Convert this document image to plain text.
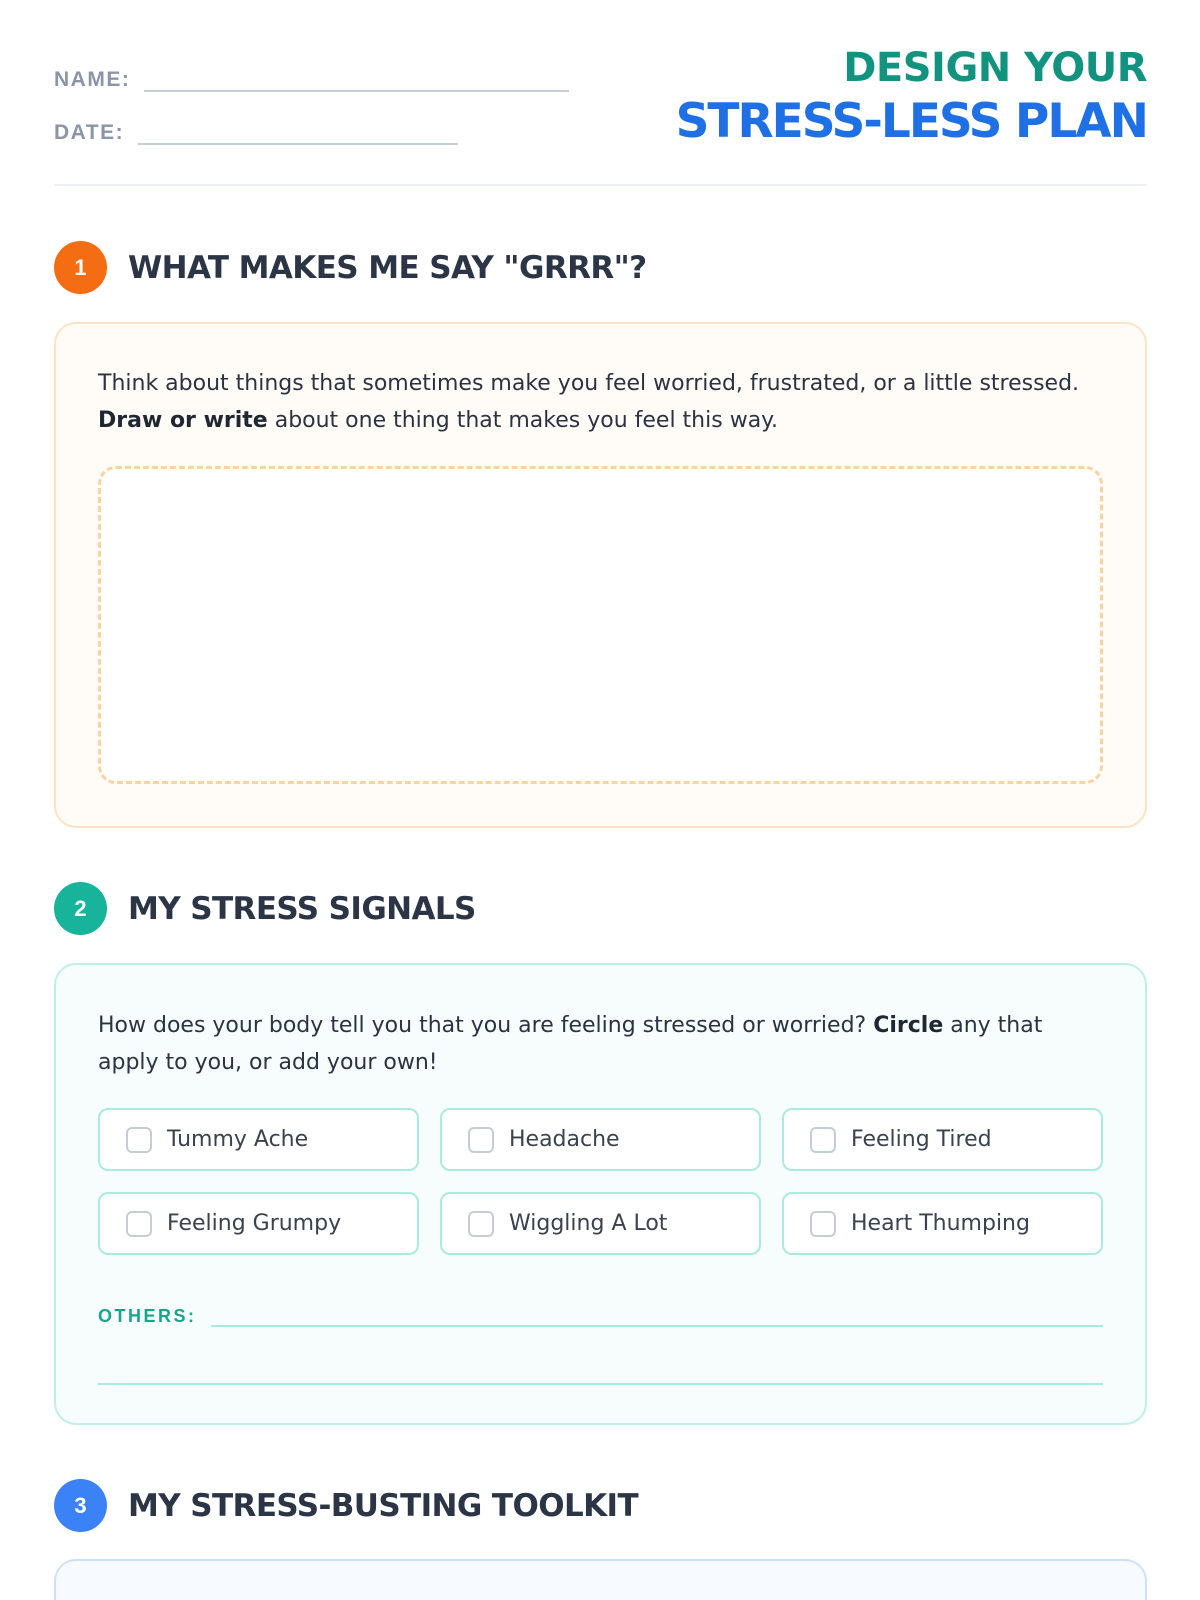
NAME:
DATE:
DESIGN YOUR
STRESS-LESS PLAN
1	WHAT MAKES ME SAY "GRRR"?

Think about things that sometimes make you feel worried, frustrated, or a little stressed. Draw or write about one thing that makes you feel this way.

2	MY STRESS SIGNALS

How does your body tell you that you are feeling stressed or worried? Circle any that apply to you, or add your own!

Tummy Ache	Headache	Feeling Tired
Feeling Grumpy	Wiggling A Lot	Heart Thumping
OTHERS:
3	MY STRESS-BUSTING TOOLKIT
